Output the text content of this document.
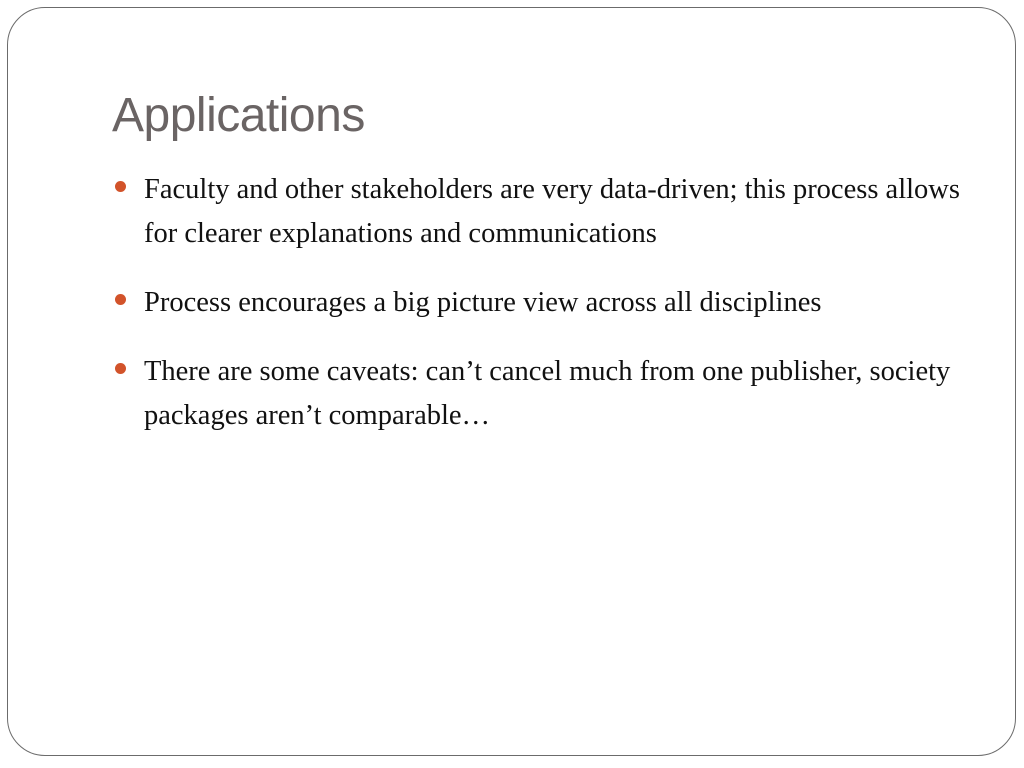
Applications
Faculty and other stakeholders are very data-driven; this process allows for clearer explanations and communications
Process encourages a big picture view across all disciplines
There are some caveats: can’t cancel much from one publisher, society packages aren’t comparable…
